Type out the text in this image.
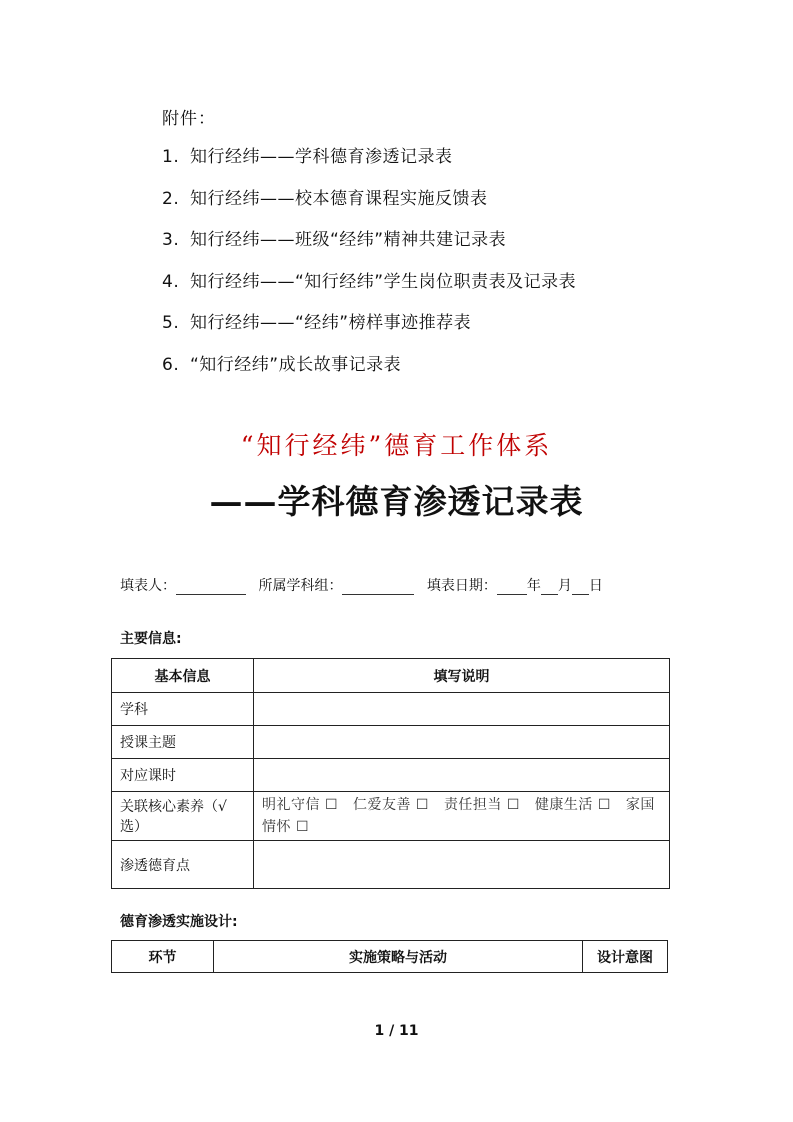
附件：
1. 知行经纬——学科德育渗透记录表
2. 知行经纬——校本德育课程实施反馈表
3. 知行经纬——班级“经纬”精神共建记录表
4. 知行经纬——“知行经纬”学生岗位职责表及记录表
5. 知行经纬——“经纬”榜样事迹推荐表
6. “知行经纬”成长故事记录表
“知行经纬”德育工作体系
——学科德育渗透记录表
填表人：	所属学科组：	填表日期： 年 月 日
主要信息:
基本信息	填写说明
学科	
授课主题	
对应课时	
关联核心素养（√选）	明礼守信 ☐ 仁爱友善 ☐ 责任担当 ☐ 健康生活 ☐ 家国情怀 ☐
渗透德育点	
德育渗透实施设计:
环节	实施策略与活动	设计意图
1 / 11
